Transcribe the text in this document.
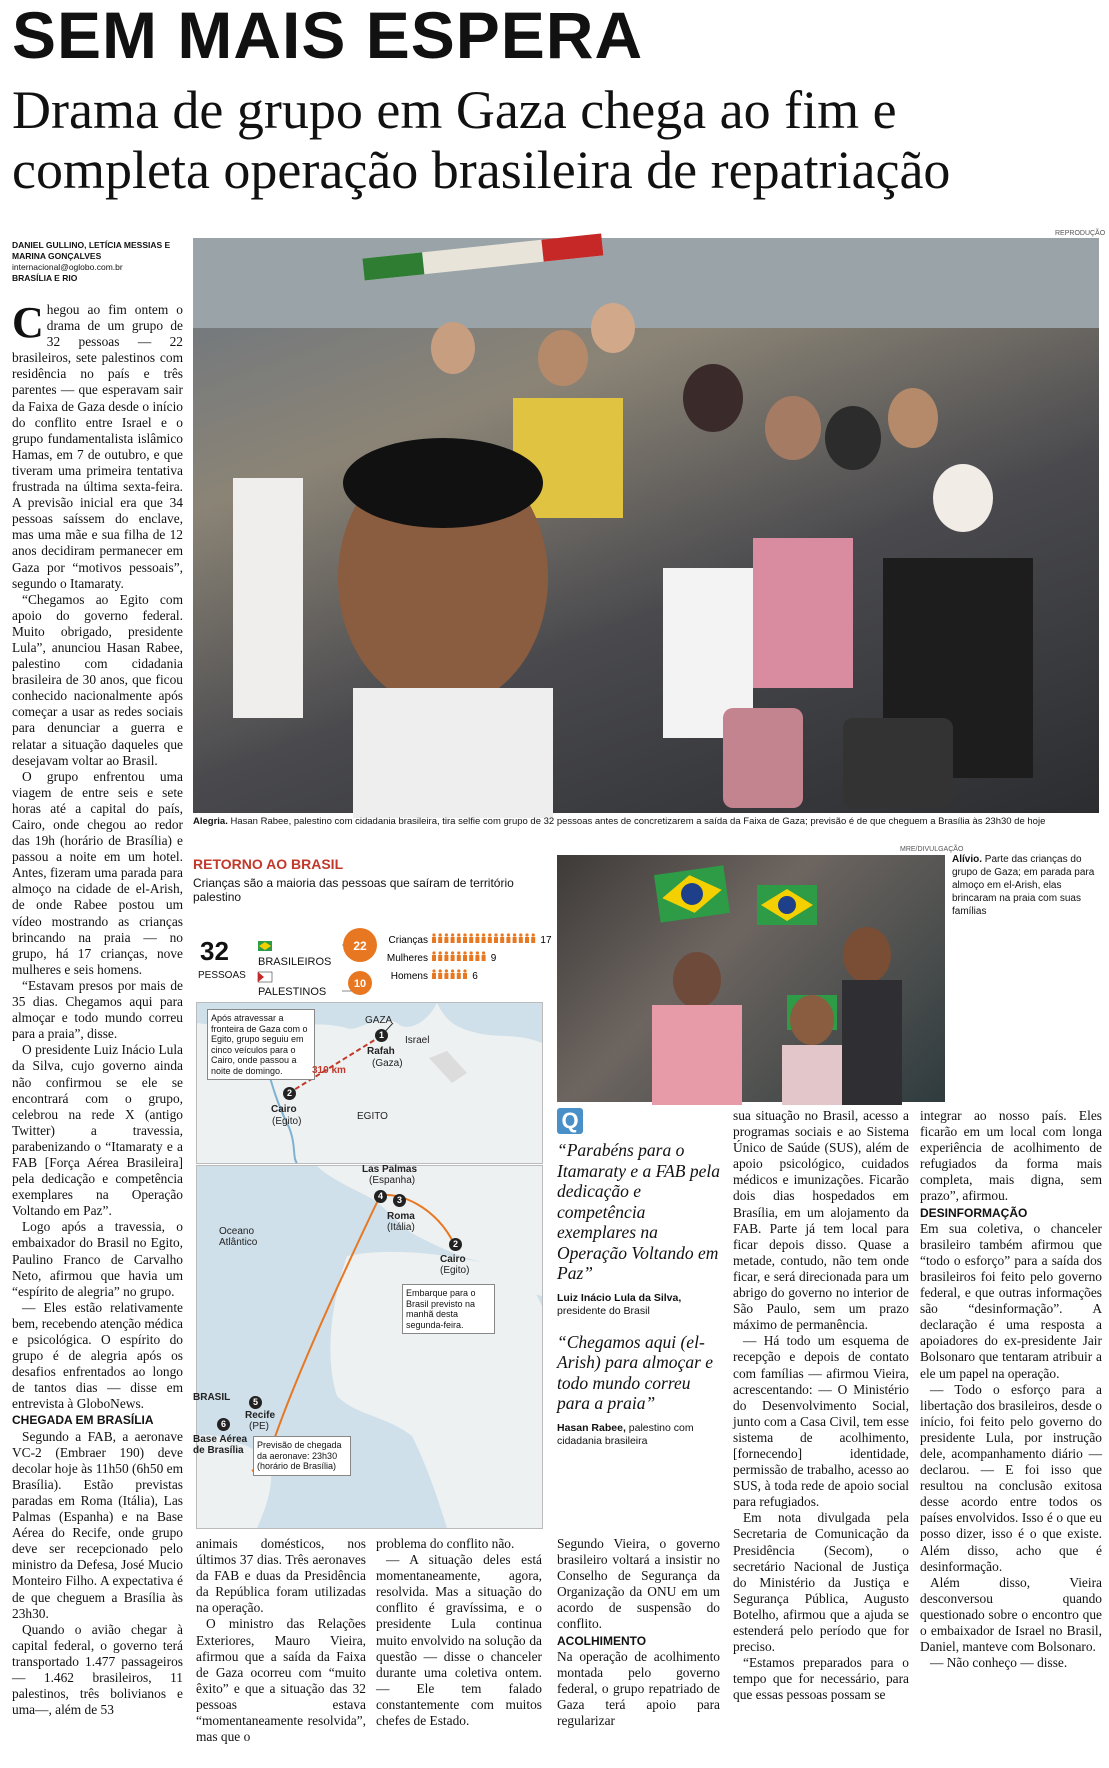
SEM MAIS ESPERA
Drama de grupo em Gaza chega ao fim e completa operação brasileira de repatriação
DANIEL GULLINO, LETÍCIA MESSIAS E MARINA GONÇALVES
internacional@oglobo.com.br
BRASÍLIA E RIO

Chegou ao fim ontem o drama de um grupo de 32 pessoas — 22 brasileiros, sete palestinos com residência no país e três parentes — que esperavam sair da Faixa de Gaza desde o início do conflito entre Israel e o grupo fundamentalista islâmico Hamas, em 7 de outubro, e que tiveram uma primeira tentativa frustrada na última sexta-feira. A previsão inicial era que 34 pessoas saíssem do enclave, mas uma mãe e sua filha de 12 anos decidiram permanecer em Gaza por “motivos pessoais”, segundo o Itamaraty.

“Chegamos ao Egito com apoio do governo federal. Muito obrigado, presidente Lula”, anunciou Hasan Rabee, palestino com cidadania brasileira de 30 anos, que ficou conhecido nacionalmente após começar a usar as redes sociais para denunciar a guerra e relatar a situação daqueles que desejavam voltar ao Brasil.

O grupo enfrentou uma viagem de entre seis e sete horas até a capital do país, Cairo, onde chegou ao redor das 19h (horário de Brasília) e passou a noite em um hotel. Antes, fizeram uma parada para almoço na cidade de el-Arish, de onde Rabee postou um vídeo mostrando as crianças brincando na praia — no grupo, há 17 crianças, nove mulheres e seis homens.

“Estavam presos por mais de 35 dias. Chegamos aqui para almoçar e todo mundo correu para a praia”, disse.

O presidente Luiz Inácio Lula da Silva, cujo governo ainda não confirmou se ele se encontrará com o grupo, celebrou na rede X (antigo Twitter) a travessia, parabenizando o “Itamaraty e a FAB [Força Aérea Brasileira] pela dedicação e competência exemplares na Operação Voltando em Paz”.

Logo após a travessia, o embaixador do Brasil no Egito, Paulino Franco de Carvalho Neto, afirmou que havia um “espírito de alegria” no grupo.

— Eles estão relativamente bem, recebendo atenção médica e psicológica. O espírito do grupo é de alegria após os desafios enfrentados ao longo de tantos dias — disse em entrevista à GloboNews.

CHEGADA EM BRASÍLIA

Segundo a FAB, a aeronave VC-2 (Embraer 190) deve decolar hoje às 11h50 (6h50 em Brasília). Estão previstas paradas em Roma (Itália), Las Palmas (Espanha) e na Base Aérea do Recife, onde grupo deve ser recepcionado pelo ministro da Defesa, José Mucio Monteiro Filho. A expectativa é de que cheguem a Brasília às 23h30.

Quando o avião chegar à capital federal, o governo terá transportado 1.477 passageiros — 1.462 brasileiros, 11 palestinos, três bolivianos e uma—, além de 53

REPRODUÇÃO
Alegria. Hasan Rabee, palestino com cidadania brasileira, tira selfie com grupo de 32 pessoas antes de concretizarem a saída da Faixa de Gaza; previsão é de que cheguem a Brasília às 23h30 de hoje
RETORNO AO BRASIL
Crianças são a maioria das pessoas que saíram de território palestino
32
PESSOAS
BRASILEIROS
PALESTINOS
22
10
Crianças	17
Mulheres	9
Homens	6
Após atravessar a fronteira de Gaza com o Egito, grupo seguiu em cinco veículos para o Cairo, onde passou a noite de domingo.
GAZA
Israel
1
Rafah
(Gaza)
310 km
2
Cairo
(Egito)	EGITO
Las Palmas
(Espanha)
4	3
Roma
(Itália)
2
Cairo
(Egito)
Oceano Atlântico
Embarque para o Brasil previsto na manhã desta segunda-feira.
BRASIL	5
Recife
(PE)
6
Base Aérea de Brasília	Previsão de chegada da aeronave: 23h30 (horário de Brasília)

animais domésticos, nos últimos 37 dias. Três aeronaves da FAB e duas da Presidência da República foram utilizadas na operação.

O ministro das Relações Exteriores, Mauro Vieira, afirmou que a saída da Faixa de Gaza ocorreu com “muito êxito” e que a situação das 32 pessoas estava “momentaneamente resolvida”, mas que o

problema do conflito não.

— A situação deles está momentaneamente, agora, resolvida. Mas a situação do conflito é gravíssima, e o presidente Lula continua muito envolvido na solução da questão — disse o chanceler durante uma coletiva ontem. — Ele tem falado constantemente com muitos chefes de Estado.

MRE/DIVULGAÇÃO
Alívio. Parte das crianças do grupo de Gaza; em parada para almoço em el-Arish, elas brincaram na praia com suas famílias
Q
“Parabéns para o Itamaraty e a FAB pela dedicação e competência exemplares na Operação Voltando em Paz”
Luiz Inácio Lula da Silva,
presidente do Brasil
“Chegamos aqui (el-Arish) para almoçar e todo mundo correu para a praia”
Hasan Rabee, palestino com cidadania brasileira

Segundo Vieira, o governo brasileiro voltará a insistir no Conselho de Segurança da Organização da ONU em um acordo de suspensão do conflito.

ACOLHIMENTO

Na operação de acolhimento montada pelo governo federal, o grupo repatriado de Gaza terá apoio para regularizar

sua situação no Brasil, acesso a programas sociais e ao Sistema Único de Saúde (SUS), além de apoio psicológico, cuidados médicos e imunizações. Ficarão dois dias hospedados em Brasília, em um alojamento da FAB. Parte já tem local para ficar depois disso. Quase a metade, contudo, não tem onde ficar, e será direcionada para um abrigo do governo no interior de São Paulo, sem um prazo máximo de permanência.

— Há todo um esquema de recepção e depois de contato com famílias — afirmou Vieira, acrescentando: — O Ministério do Desenvolvimento Social, junto com a Casa Civil, tem esse sistema de acolhimento, [fornecendo] identidade, permissão de trabalho, acesso ao SUS, à toda rede de apoio social para refugiados.

Em nota divulgada pela Secretaria de Comunicação da Presidência (Secom), o secretário Nacional de Justiça do Ministério da Justiça e Segurança Pública, Augusto Botelho, afirmou que a ajuda se estenderá pelo período que for preciso.

“Estamos preparados para o tempo que for necessário, para que essas pessoas possam se

integrar ao nosso país. Eles ficarão em um local com longa experiência de acolhimento de refugiados da forma mais completa, mais digna, sem prazo”, afirmou.

DESINFORMAÇÃO

Em sua coletiva, o chanceler brasileiro também afirmou que “todo o esforço” para a saída dos brasileiros foi feito pelo governo federal, e que outras informações são “desinformação”. A declaração é uma resposta a apoiadores do ex-presidente Jair Bolsonaro que tentaram atribuir a ele um papel na operação.

— Todo o esforço para a libertação dos brasileiros, desde o início, foi feito pelo governo do presidente Lula, por instrução dele, acompanhamento diário — declarou. — E foi isso que resultou na conclusão exitosa desse acordo entre todos os países envolvidos. Isso é o que eu posso dizer, isso é o que existe. Além disso, acho que é desinformação.

Além disso, Vieira desconversou quando questionado sobre o encontro que o embaixador de Israel no Brasil, Daniel, manteve com Bolsonaro.

— Não conheço — disse.
